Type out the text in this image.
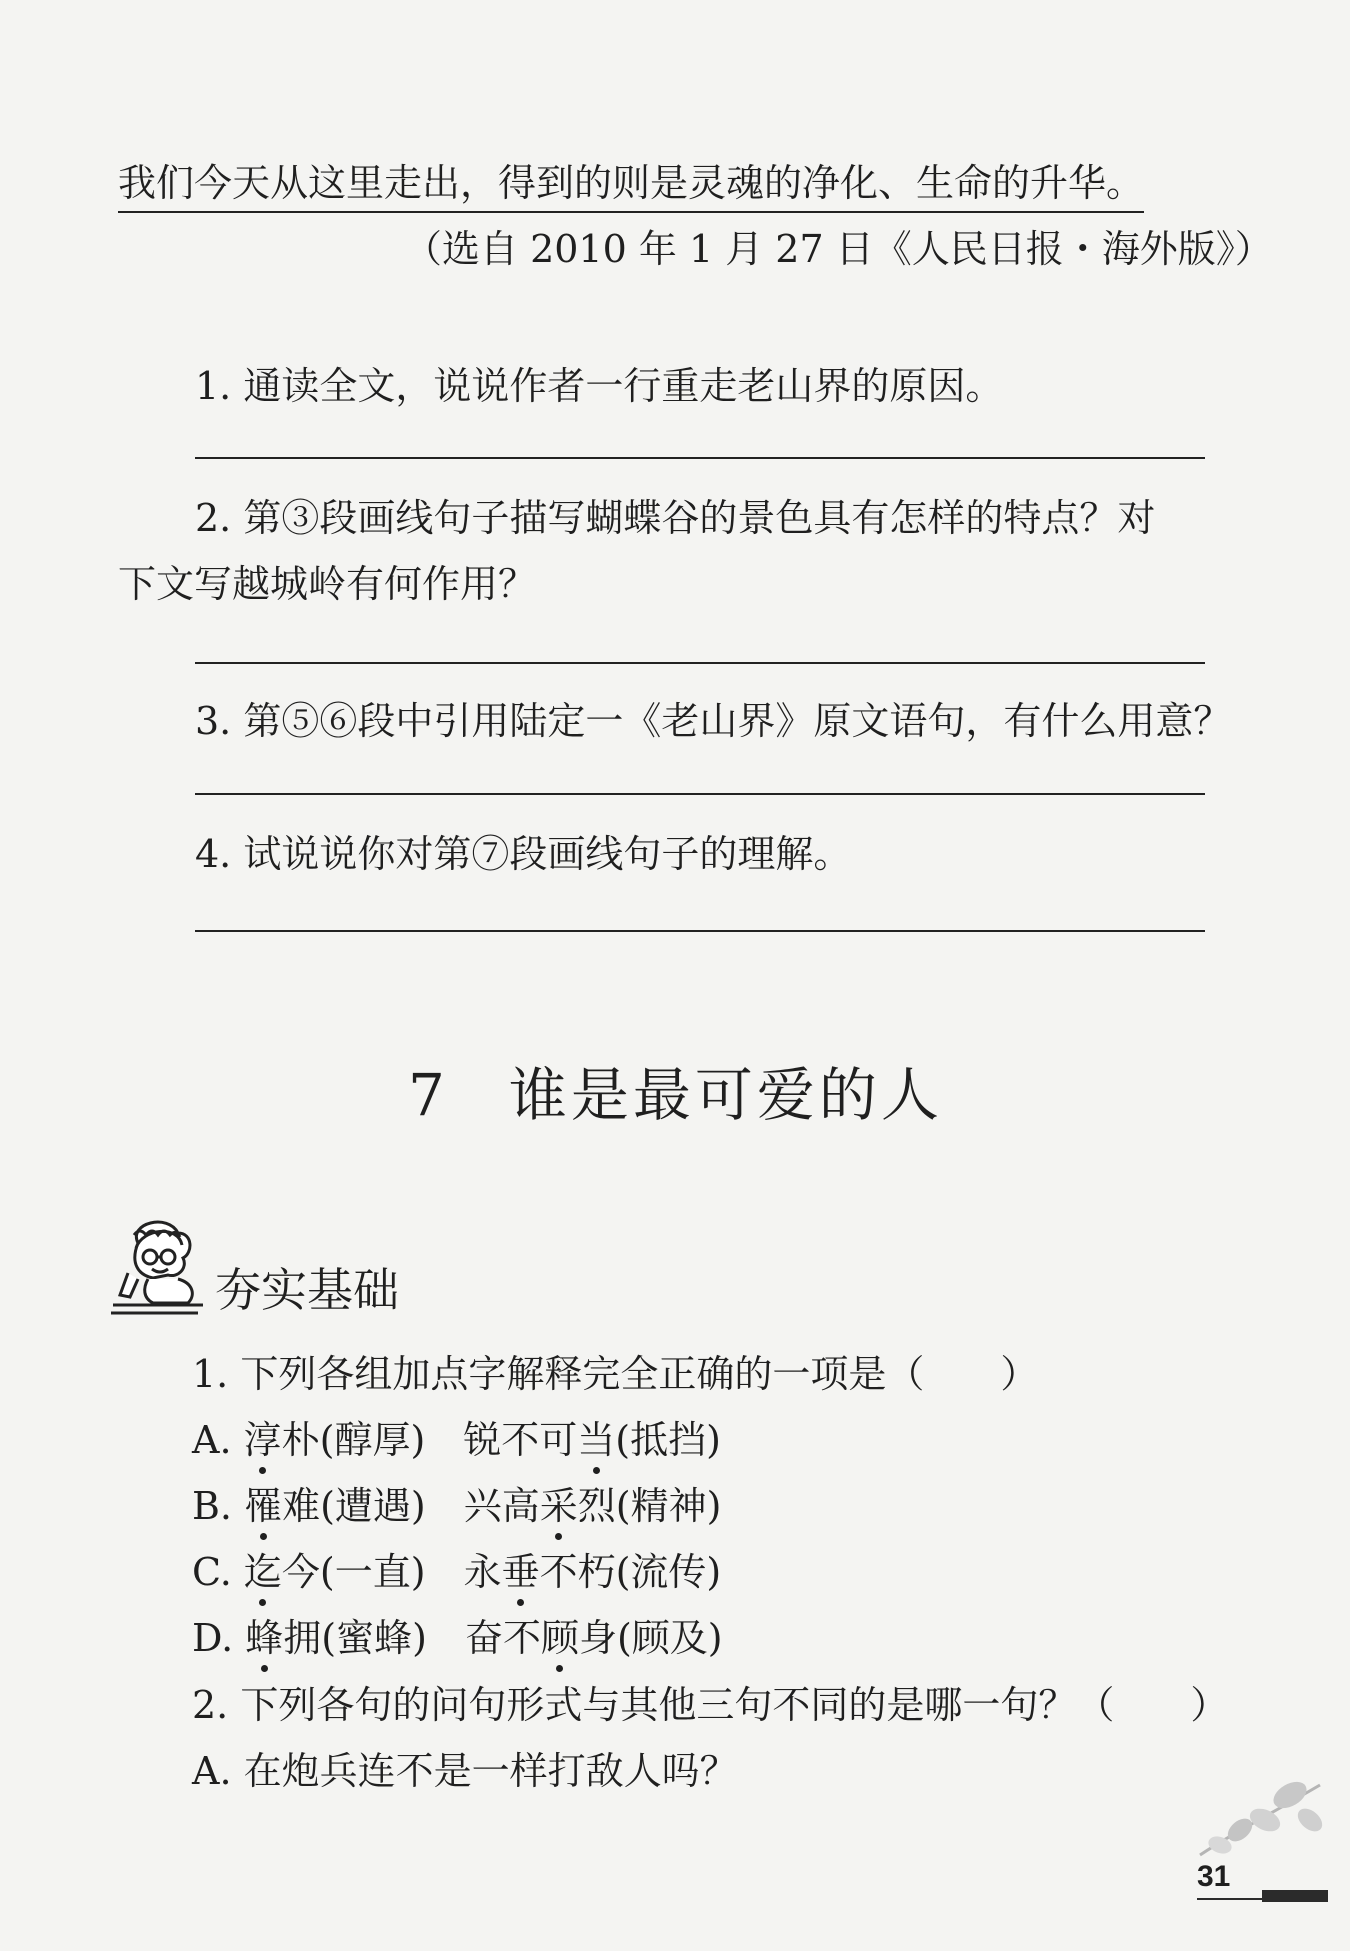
我们今天从这里走出，得到的则是灵魂的净化、生命的升华。
（选自 2010 年 1 月 27 日《人民日报・海外版》）
1. 通读全文，说说作者一行重走老山界的原因。
2. 第③段画线句子描写蝴蝶谷的景色具有怎样的特点？对
下文写越城岭有何作用？
3. 第⑤⑥段中引用陆定一《老山界》原文语句，有什么用意？
4. 试说说你对第⑦段画线句子的理解。
7 谁是最可爱的人
夯实基础
1. 下列各组加点字解释完全正确的一项是（　　）
A. 淳朴(醇厚)　锐不可当(抵挡)
B. 罹难(遭遇)　兴高采烈(精神)
C. 迄今(一直)　永垂不朽(流传)
D. 蜂拥(蜜蜂)　奋不顾身(顾及)
2. 下列各句的问句形式与其他三句不同的是哪一句？（　　）
A. 在炮兵连不是一样打敌人吗？
31
